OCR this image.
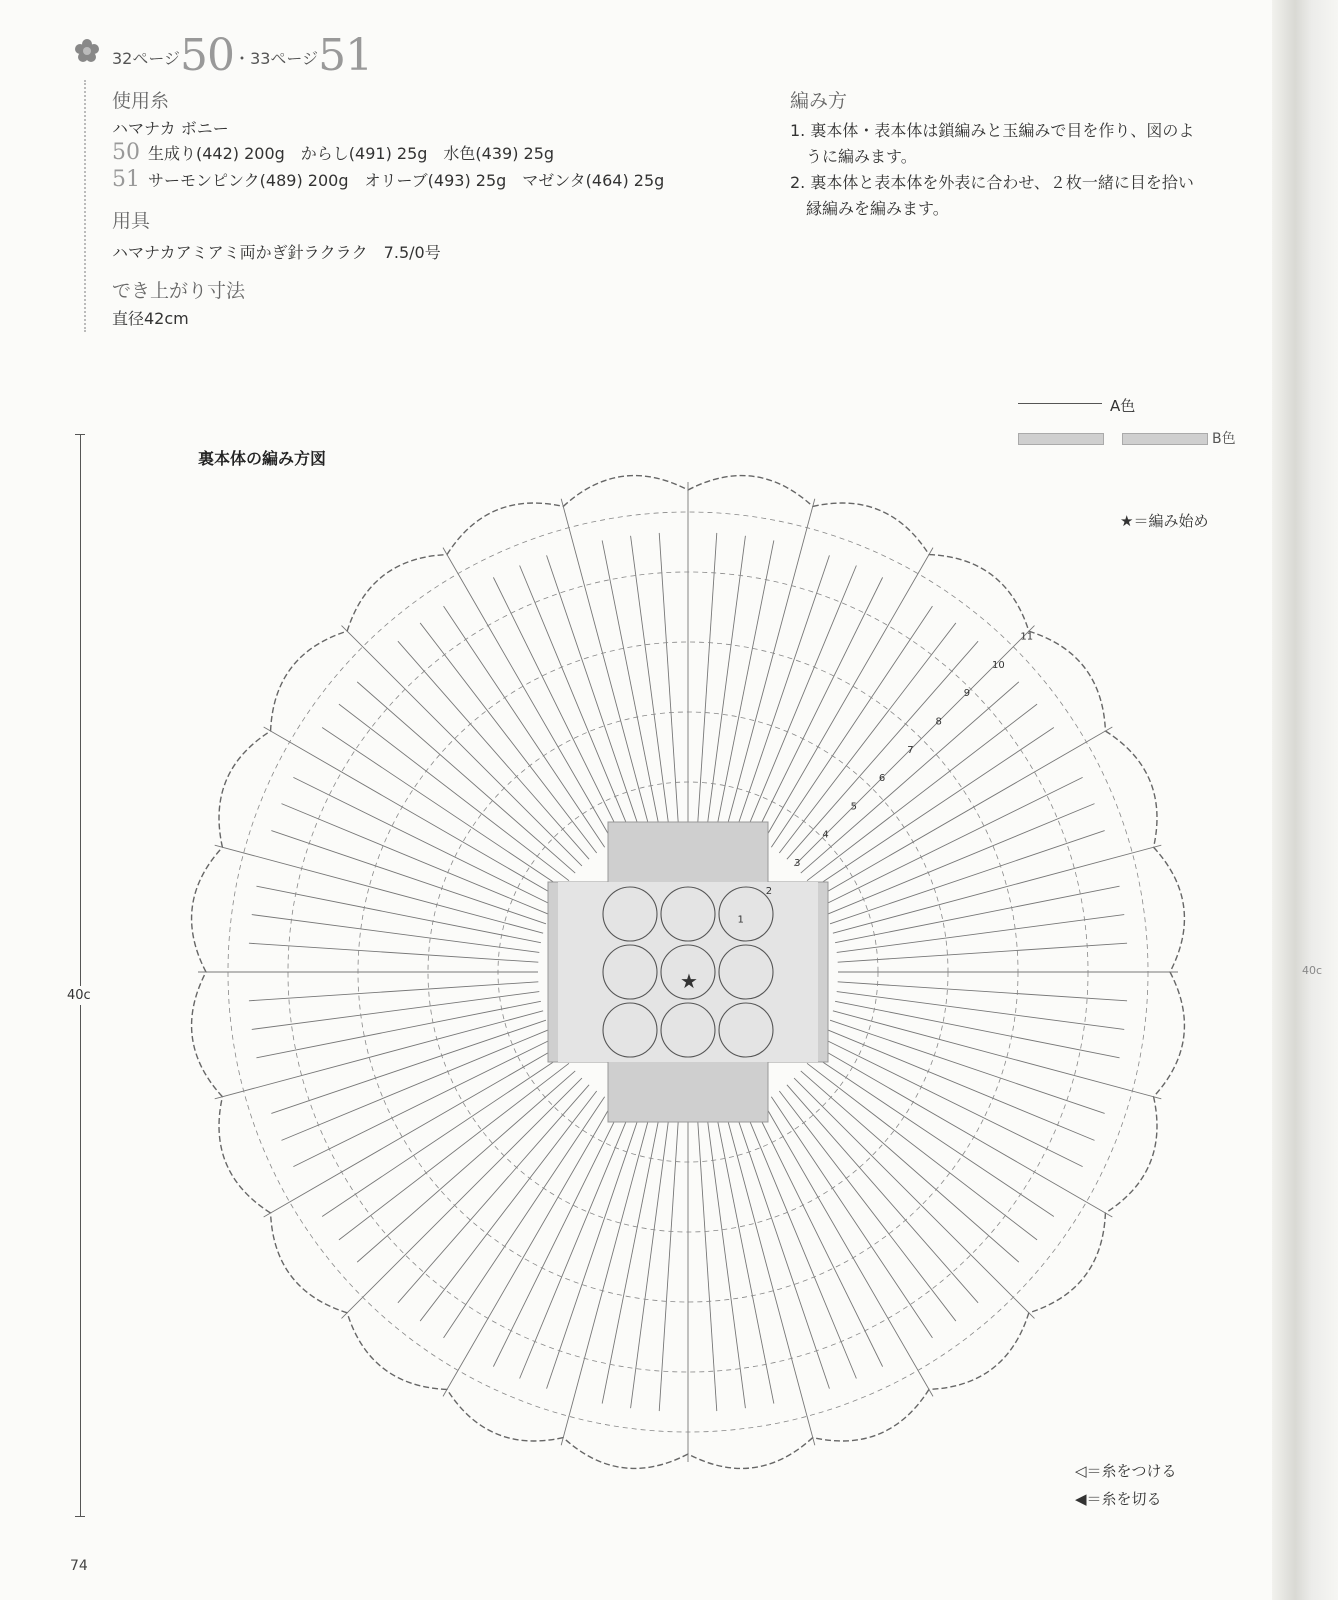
32ページ50・33ページ51
使用糸
ハマナカ ボニー
50 生成り(442) 200g　からし(491) 25g　水色(439) 25g
51 サーモンピンク(489) 200g　オリーブ(493) 25g　マゼンタ(464) 25g
用具
ハマナカアミアミ両かぎ針ラクラク　7.5/0号
でき上がり寸法
直径42cm
編み方
1. 裏本体・表本体は鎖編みと玉編みで目を作り、図のよ
　うに編みます。
2. 裏本体と表本体を外表に合わせ、２枚一緒に目を拾い
　縁編みを編みます。
A色
B色
★＝編み始め
40c
裏本体の編み方図
★
1
2
3
4
5
6
7
8
9
10
11
◁＝糸をつける
◀＝糸を切る
74
40c
